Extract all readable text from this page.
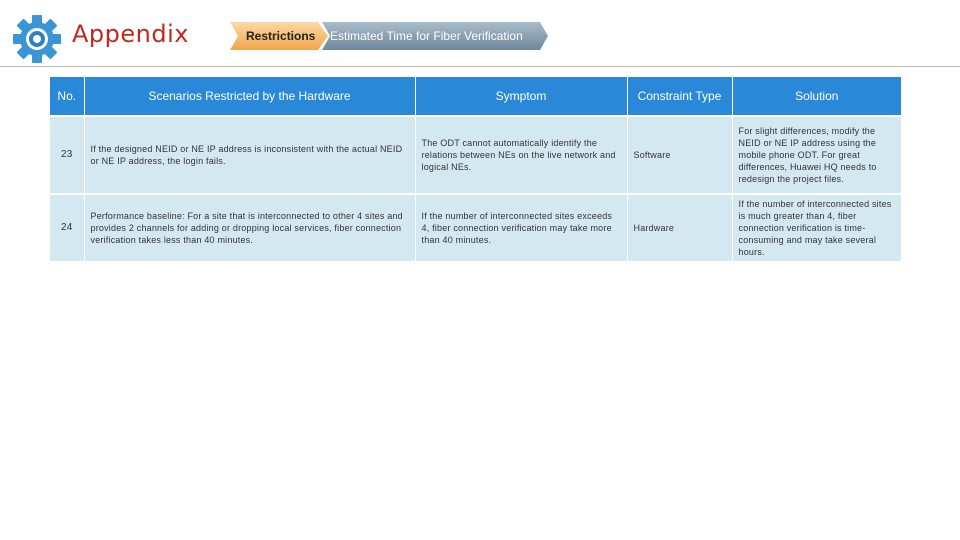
Appendix	Restrictions Estimated Time for Fiber Verification
No.	Scenarios Restricted by the Hardware	Symptom	Constraint Type	Solution
23	If the designed NEID or NE IP address is inconsistent with the actual NEID or NE IP address, the login fails.	The ODT cannot automatically identify the relations between NEs on the live network and logical NEs.	Software	For slight differences, modify the NEID or NE IP address using the mobile phone ODT. For great differences, Huawei HQ needs to redesign the project files.
24	Performance baseline: For a site that is interconnected to other 4 sites and provides 2 channels for adding or dropping local services, fiber connection verification takes less than 40 minutes.	If the number of interconnected sites exceeds 4, fiber connection verification may take more than 40 minutes.	Hardware	If the number of interconnected sites is much greater than 4, fiber connection verification is time-consuming and may take several hours.
